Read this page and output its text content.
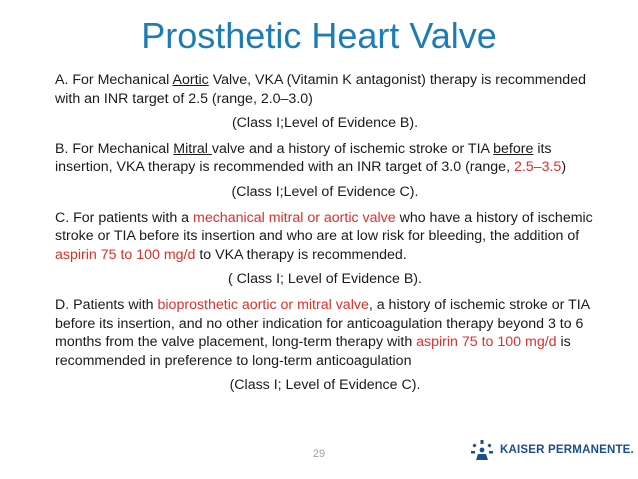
Prosthetic Heart Valve

A. For Mechanical Aortic Valve, VKA (Vitamin K antagonist) therapy is recommended with an INR target of 2.5 (range, 2.0–3.0)

(Class I;Level of Evidence B).

B. For Mechanical Mitral valve and a history of ischemic stroke or TIA before its insertion, VKA therapy is recommended with an INR target of 3.0 (range, 2.5–3.5)

(Class I;Level of Evidence C).

C. For patients with a mechanical mitral or aortic valve who have a history of ischemic stroke or TIA before its insertion and who are at low risk for bleeding, the addition of aspirin 75 to 100 mg/d to VKA therapy is recommended.

( Class I; Level of Evidence B).

D. Patients with bioprosthetic aortic or mitral valve, a history of ischemic stroke or TIA before its insertion, and no other indication for anticoagulation therapy beyond 3 to 6 months from the valve placement, long-term therapy with aspirin 75 to 100 mg/d is recommended in preference to long-term anticoagulation

(Class I; Level of Evidence C).

29	KAISER PERMANENTE.
